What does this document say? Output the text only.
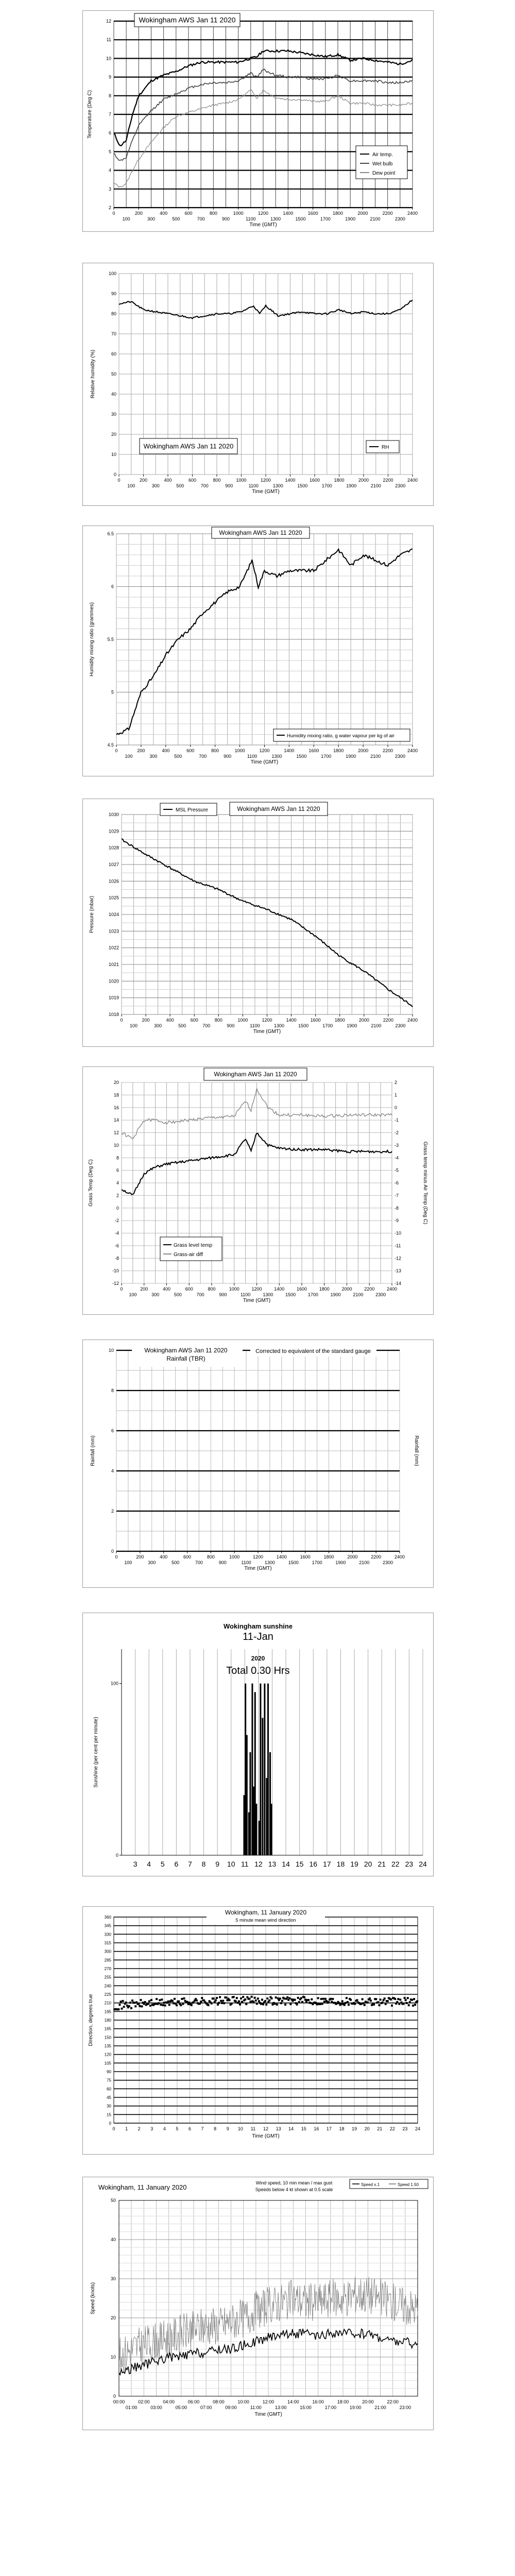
2
3
4
5
6
7
8
9
10
11
12
Temperature (Deg C)
0	200	400	600	800	1000	1200	1400	1600	1800	2000	2200	2400
100	300	500	700	900	1100	1300	1500	1700	1900	2100	2300
Time (GMT)
Wokingham AWS Jan 11 2020
Air temp.
Wet bulb
Dew point
0
10
20
30
40
50
60
70
80
90
100
Relative humidity (%)
0	200	400	600	800	1000	1200	1400	1600	1800	2000	2200	2400
100	300	500	700	900	1100	1300	1500	1700	1900	2100	2300
Time (GMT)
Wokingham AWS Jan 11 2020	RH
4.5
5
5.5
6
6.5
Humidity mixing ratio (grammes)
0	200	400	600	800	1000	1200	1400	1600	1800	2000	2200	2400
100	300	500	700	900	1100	1300	1500	1700	1900	2100	2300
Time (GMT)
Wokingham AWS Jan 11 2020
Humidity mixing ratio, g water vapour per kg of air
1018
1019
1020
1021
1022
1023
1024
1025
1026
1027
1028
1029
1030
Pressure (mbar)
0	200	400	600	800	1000	1200	1400	1600	1800	2000	2200	2400
100	300	500	700	900	1100	1300	1500	1700	1900	2100	2300
Time (GMT)
MSL Pressure	Wokingham AWS Jan 11 2020
-12
-10
-8
-6
-4
-2
0
2
4
6
8
10
12
14
16
18
20
-14
-13
-12
-11
-10
-9
-8
-7
-6
-5
-4
-3
-2
-1
0
1
2
Grass Temp (Deg C)	Grass temp minus Air Temp (Deg C)
0	200	400	600	800	1000	1200	1400	1600	1800	2000	2200	2400
100	300	500	700	900	1100	1300	1500	1700	1900	2100	2300
Time (GMT)
Wokingham AWS Jan 11 2020
Grass level temp
Grass-air diff
0
2
4
6
8
10
Rainfall (mm)	Rainfall (mm)
0	200	400	600	800	1000	1200	1400	1600	1800	2000	2200	2400
100	300	500	700	900	1100	1300	1500	1700	1900	2100	2300
Time (GMT)
Wokingham AWS Jan 11 2020
Rainfall (TBR)
Corrected to equivalent of the standard gauge
0
100
3 4 5 6 7 8 9 10 11 12 13 14 15 16 17 18 19 20 21 22 23 24
Sunshine (per cent per minute)
Wokingham sunshine
11-Jan
2020
Total 0.30 Hrs
0
15
30
45
60
75
90
105
120
135
150
165
180
195
210
225
240
255
270
285
300
315
330
345
360
0 1 2 3 4 5 6 7 8 9 10 11 12 13 14 15 16 17 18 19 20 21 22 23 24
Time (GMT)
Direction, degrees true
Wokingham, 11 January 2020
5 minute mean wind direction
0
10
20
30
40
50
00:00	02:00	04:00	06:00	08:00	10:00	12:00	14:00	16:00	18:00	20:00	22:00
01:00	03:00	05:00	07:00	09:00	11:00	13:00	15:00	17:00	19:00	21:00	23:00
Time (GMT)
Speed (knots)
Wokingham, 11 January 2020
Wind speed, 10 min mean / max gust
Speeds below 4 kt shown at 0.5 scale
Speed x.1	Speed 1.50
